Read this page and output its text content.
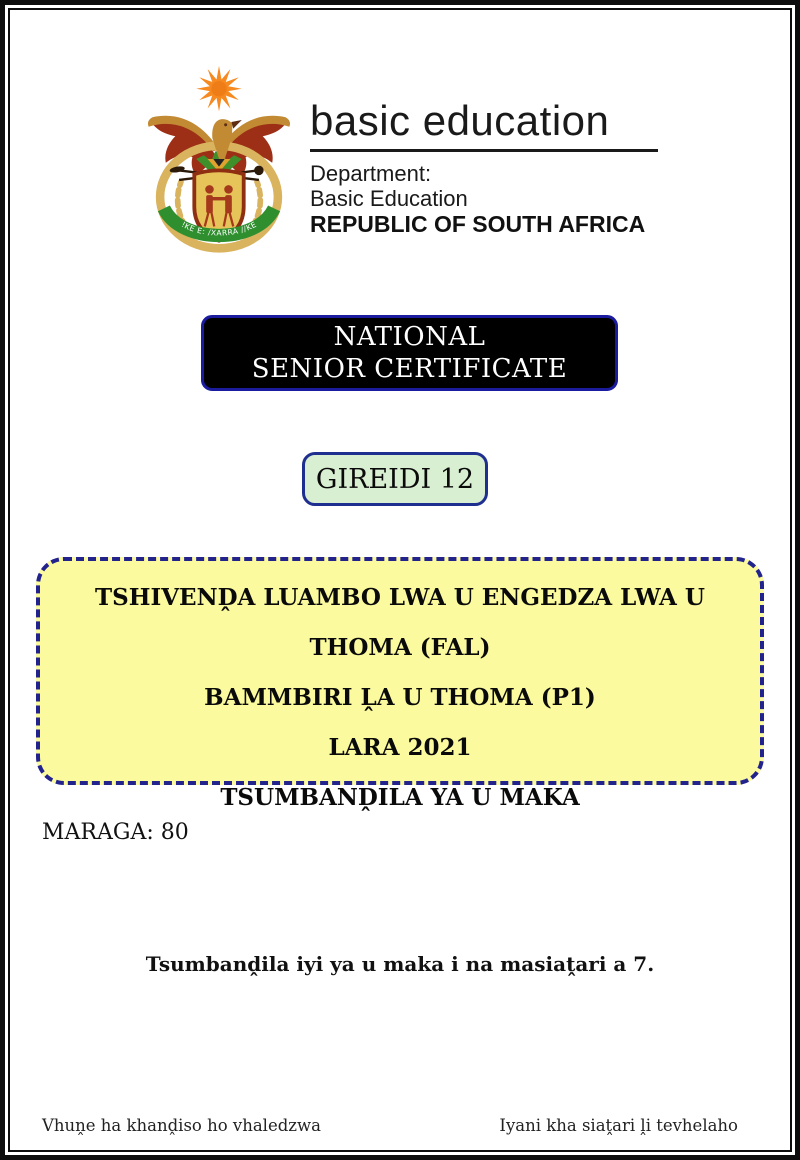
!KE E: /XARRA //KE
basic education
Department:
Basic Education
REPUBLIC OF SOUTH AFRICA
NATIONAL
SENIOR CERTIFICATE
GIREIDI 12

TSHIVENḒA LUAMBO LWA U ENGEDZA LWA U THOMA (FAL)

BAMMBIRI ḼA U THOMA (P1)

LARA 2021

TSUMBANḒILA YA U MAKA

MARAGA: 80
Tsumbanḓila iyi ya u maka i na masiaṱari a 7.
Vhuṋe ha khanḓiso ho vhaledzwa	Iyani kha siaṱari ḽi tevhelaho
